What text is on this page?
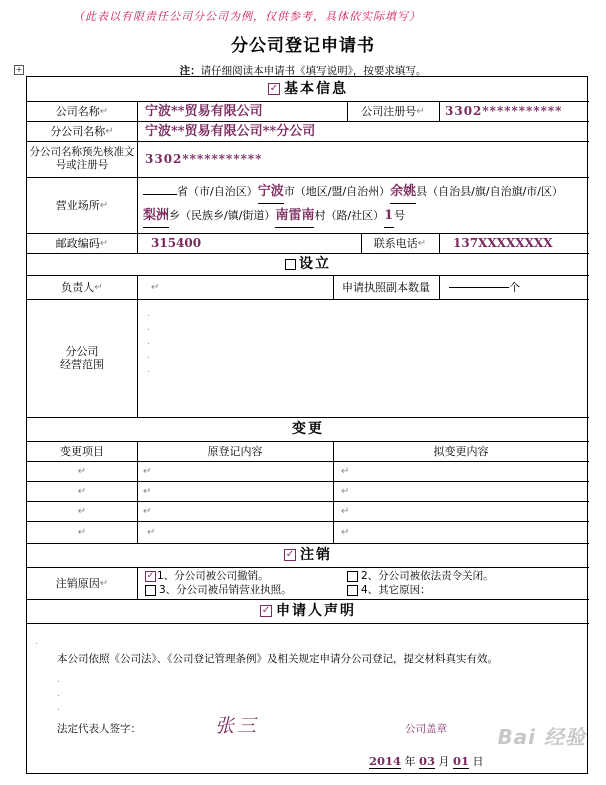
（此表以有限责任公司分公司为例，仅供参考，具体依实际填写）
分公司登记申请书
+	注：请仔细阅读本申请书《填写说明》，按要求填写。
✓ 基本信息
公司名称 ↵	宁波**贸易有限公司	公司注册号 ↵ 3302***********
分公司名称 ↵ 宁波**贸易有限公司**分公司
分公司名称预先核准文号或注册号	3302***********
营业场所 ↵
省（市/自治区）宁波市（地区/盟/自治州）余姚县（自治县/旗/自治旗/市/区）梨洲乡（民族乡/镇/街道）南雷南村（路/社区）1号
邮政编码 ↵	315400	联系电话 ↵ 137XXXXXXXX
设立
负责人 ↵	↵	申请执照副本数量	个
分公司
经营范围
.
.
.
.
.
变更
变更项目	原登记内容	拟变更内容
↵	↵	↵
↵	↵	↵
↵	↵	↵
↵	↵	↵
✓ 注销
注销原因 ↵
✓ 1、分公司被公司撤销。	2、分公司被依法责令关闭。
3、分公司被吊销营业执照。	4、其它原因：
✓ 申请人声明
.
本公司依照《公司法》、《公司登记管理条例》及相关规定申请分公司登记，提交材料真实有效。
.
.
.
法定代表人签字：	张三	公司盖章
2014 年 03 月 01 日
Bai 经验
